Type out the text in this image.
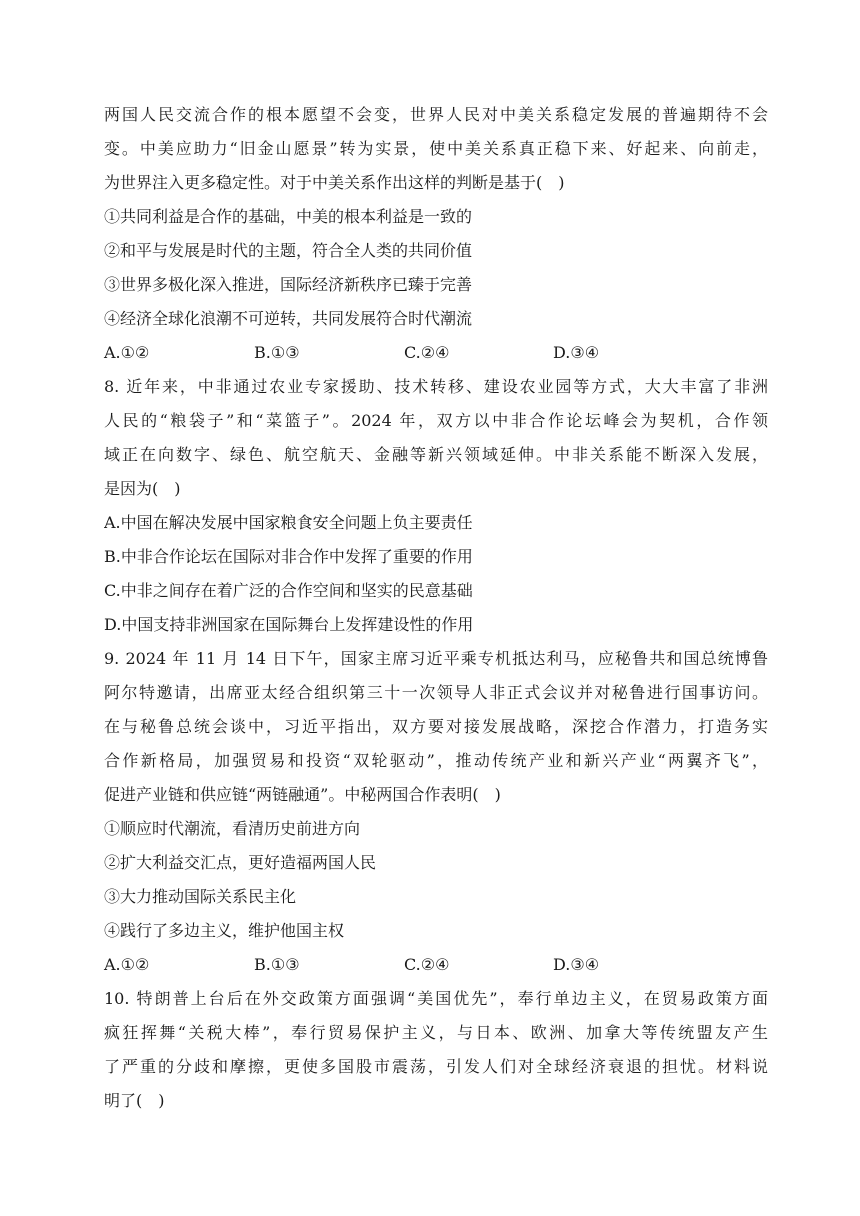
两国人民交流合作的根本愿望不会变，世界人民对中美关系稳定发展的普遍期待不会
变。中美应助力“旧金山愿景”转为实景，使中美关系真正稳下来、好起来、向前走，
为世界注入更多稳定性。对于中美关系作出这样的判断是基于(　)
①共同利益是合作的基础，中美的根本利益是一致的
②和平与发展是时代的主题，符合全人类的共同价值
③世界多极化深入推进，国际经济新秩序已臻于完善
④经济全球化浪潮不可逆转，共同发展符合时代潮流
A.①②	B.①③	C.②④	D.③④
8. 近年来，中非通过农业专家援助、技术转移、建设农业园等方式，大大丰富了非洲
人民的“粮袋子”和“菜篮子”。2024 年，双方以中非合作论坛峰会为契机，合作领
域正在向数字、绿色、航空航天、金融等新兴领域延伸。中非关系能不断深入发展，
是因为(　)
A.中国在解决发展中国家粮食安全问题上负主要责任
B.中非合作论坛在国际对非合作中发挥了重要的作用
C.中非之间存在着广泛的合作空间和坚实的民意基础
D.中国支持非洲国家在国际舞台上发挥建设性的作用
9. 2024 年 11 月 14 日下午，国家主席习近平乘专机抵达利马，应秘鲁共和国总统博鲁
阿尔特邀请，出席亚太经合组织第三十一次领导人非正式会议并对秘鲁进行国事访问。
在与秘鲁总统会谈中，习近平指出，双方要对接发展战略，深挖合作潜力，打造务实
合作新格局，加强贸易和投资“双轮驱动”，推动传统产业和新兴产业“两翼齐飞”，
促进产业链和供应链“两链融通”。中秘两国合作表明(　)
①顺应时代潮流，看清历史前进方向
②扩大利益交汇点，更好造福两国人民
③大力推动国际关系民主化
④践行了多边主义，维护他国主权
A.①②	B.①③	C.②④	D.③④
10. 特朗普上台后在外交政策方面强调“美国优先”，奉行单边主义，在贸易政策方面
疯狂挥舞“关税大棒”，奉行贸易保护主义，与日本、欧洲、加拿大等传统盟友产生
了严重的分歧和摩擦，更使多国股市震荡，引发人们对全球经济衰退的担忧。材料说
明了(　)
